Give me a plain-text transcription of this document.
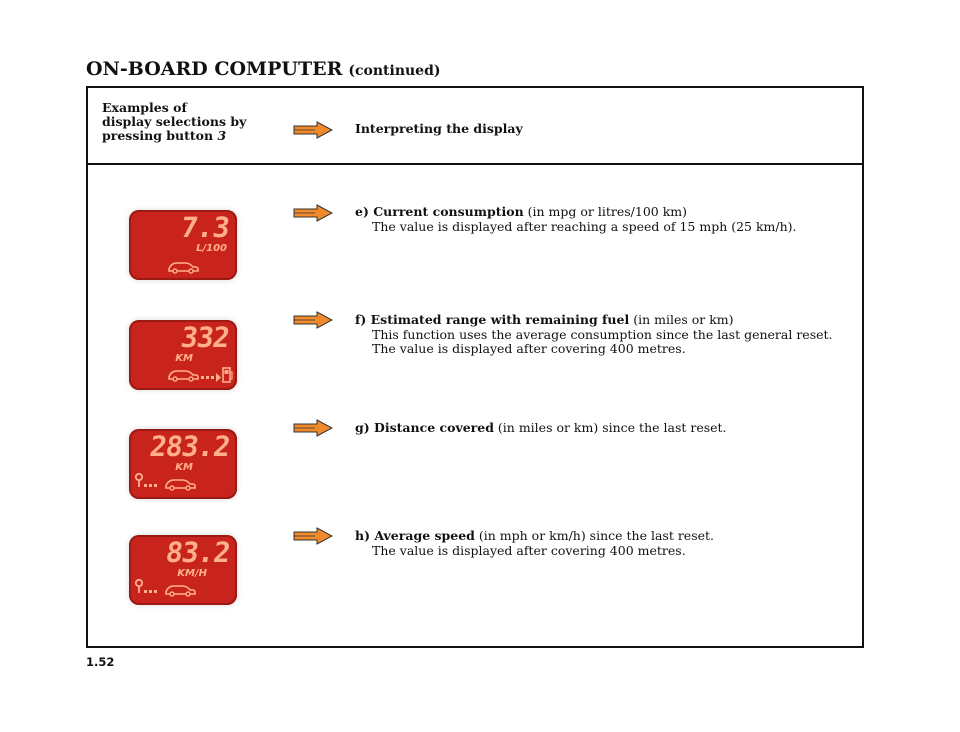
ON-BOARD COMPUTER (continued)
Examples of
display selections by
pressing button 3	Interpreting the display
7.3
L/100
e) Current consumption (in mpg or litres/100 km)
The value is displayed after reaching a speed of 15 mph (25 km/h).
332
KM
f) Estimated range with remaining fuel (in miles or km)
This function uses the average consumption since the last general reset.
The value is displayed after covering 400 metres.
283.2
KM
g) Distance covered (in miles or km) since the last reset.
83.2
KM/H
h) Average speed (in mph or km/h) since the last reset.
The value is displayed after covering 400 metres.
1.52
